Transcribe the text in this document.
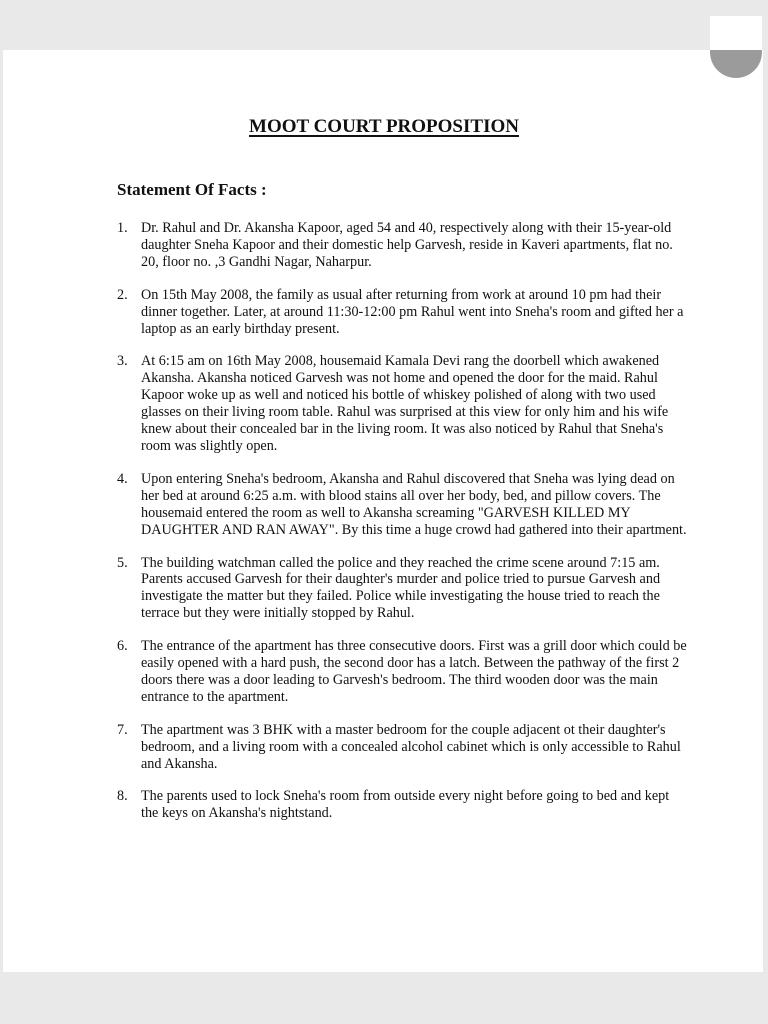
MOOT COURT PROPOSITION
Statement Of Facts :
1. Dr. Rahul and Dr. Akansha Kapoor, aged 54 and 40, respectively along with their 15-year-old daughter Sneha Kapoor and their domestic help Garvesh, reside in Kaveri apartments, flat no. 20, floor no. ,3 Gandhi Nagar, Naharpur.
2. On 15th May 2008, the family as usual after returning from work at around 10 pm had their dinner together. Later, at around 11:30-12:00 pm Rahul went into Sneha's room and gifted her a laptop as an early birthday present.
3. At 6:15 am on 16th May 2008, housemaid Kamala Devi rang the doorbell which awakened Akansha. Akansha noticed Garvesh was not home and opened the door for the maid. Rahul Kapoor woke up as well and noticed his bottle of whiskey polished of along with two used glasses on their living room table. Rahul was surprised at this view for only him and his wife knew about their concealed bar in the living room. It was also noticed by Rahul that Sneha's room was slightly open.
4. Upon entering Sneha's bedroom, Akansha and Rahul discovered that Sneha was lying dead on her bed at around 6:25 a.m. with blood stains all over her body, bed, and pillow covers. The housemaid entered the room as well to Akansha screaming "GARVESH KILLED MY DAUGHTER AND RAN AWAY". By this time a huge crowd had gathered into their apartment.
5. The building watchman called the police and they reached the crime scene around 7:15 am. Parents accused Garvesh for their daughter's murder and police tried to pursue Garvesh and investigate the matter but they failed. Police while investigating the house tried to reach the terrace but they were initially stopped by Rahul.
6. The entrance of the apartment has three consecutive doors. First was a grill door which could be easily opened with a hard push, the second door has a latch. Between the pathway of the first 2 doors there was a door leading to Garvesh's bedroom. The third wooden door was the main entrance to the apartment.
7. The apartment was 3 BHK with a master bedroom for the couple adjacent ot their daughter's bedroom, and a living room with a concealed alcohol cabinet which is only accessible to Rahul and Akansha.
8. The parents used to lock Sneha's room from outside every night before going to bed and kept the keys on Akansha's nightstand.
